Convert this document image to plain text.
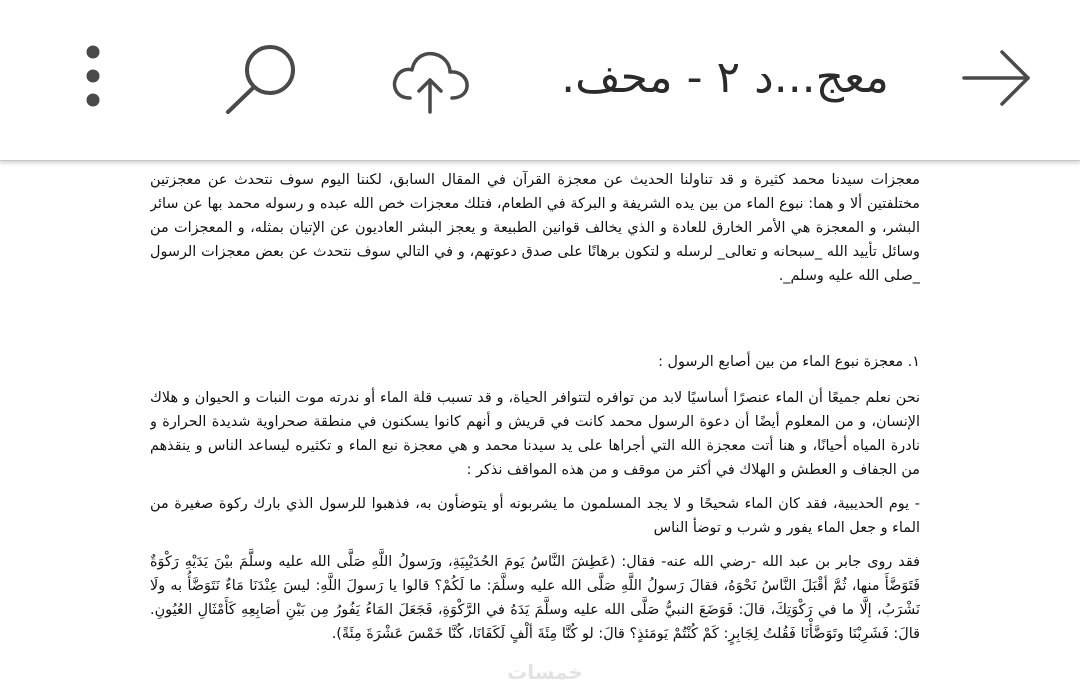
معج...د ٢ - محف.

معجزات سيدنا محمد كثيرة و قد تناولنا الحديث عن معجزة القرآن في المقال السابق، لكننا اليوم سوف نتحدث عن معجزتين مختلفتين ألا و هما: نبوع الماء من بين يده الشريفة و البركة في الطعام، فتلك معجزات خص الله عبده و رسوله محمد بها عن سائر البشر، و المعجزة هي الأمر الخارق للعادة و الذي يخالف قوانين الطبيعة و يعجز البشر العاديون عن الإتيان بمثله، و المعجزات من وسائل تأييد الله _سبحانه و تعالى_ لرسله و لتكون برهانًا على صدق دعوتهم، و في التالي سوف نتحدث عن بعض معجزات الرسول _صلى الله عليه وسلم_.

١. معجزة نبوع الماء من بين أصابع الرسول :

نحن نعلم جميعًا أن الماء عنصرًا أساسيًا لابد من توافره لتتوافر الحياة، و قد تسبب قلة الماء أو ندرته موت النبات و الحيوان و هلاك الإنسان، و من المعلوم أيضًا أن دعوة الرسول محمد كانت في قريش و أنهم كانوا يسكنون في منطقة صحراوية شديدة الحرارة و نادرة المياه أحيانًا، و هنا أتت معجزة الله التي أجراها على يد سيدنا محمد و هي معجزة نبع الماء و تكثيره ليساعد الناس و ينقذهم من الجفاف و العطش و الهلاك في أكثر من موقف و من هذه المواقف نذكر :

- يوم الحديبية، فقد كان الماء شحيحًا و لا يجد المسلمون ما يشربونه أو يتوضأون به، فذهبوا للرسول الذي بارك ركوة صغيرة من الماء و جعل الماء يفور و شرب و توضأ الناس

فقد روى جابر بن عبد الله -رضي الله عنه- فقال: (عَطِشَ النَّاسُ يَومَ الحُدَيْبِيَةِ، ورَسولُ اللَّهِ صَلَّى الله عليه وسلَّمَ بيْنَ يَدَيْهِ رَكْوَةٌ فَتَوَضَّأَ منها، ثُمَّ أقْبَلَ النَّاسُ نَحْوَهُ، فقالَ رَسولُ اللَّهِ صَلَّى الله عليه وسلَّمَ: ما لَكُمْ؟ قالوا يا رَسولَ اللَّهِ: ليسَ عِنْدَنَا مَاءٌ نَتَوَضَّأُ به ولَا نَشْرَبُ، إلَّا ما في رَكْوَتِكَ، قالَ: فَوَضَعَ النبيُّ صَلَّى الله عليه وسلَّمَ يَدَهُ في الرَّكْوَةِ، فَجَعَلَ المَاءُ يَفُورُ مِن بَيْنِ أصَابِعِهِ كَأَمْثَالِ العُيُونِ. قالَ: فَشَرِبْنَا وتَوَضَّأْنَا فَقُلتُ لِجَابِرٍ: كَمْ كُنْتُمْ يَومَئذٍ؟ قالَ: لو كُنَّا مِئَةَ ألْفٍ لَكَفَانَا، كُنَّا خَمْسَ عَشْرَةَ مِئَةً).

خمسات
